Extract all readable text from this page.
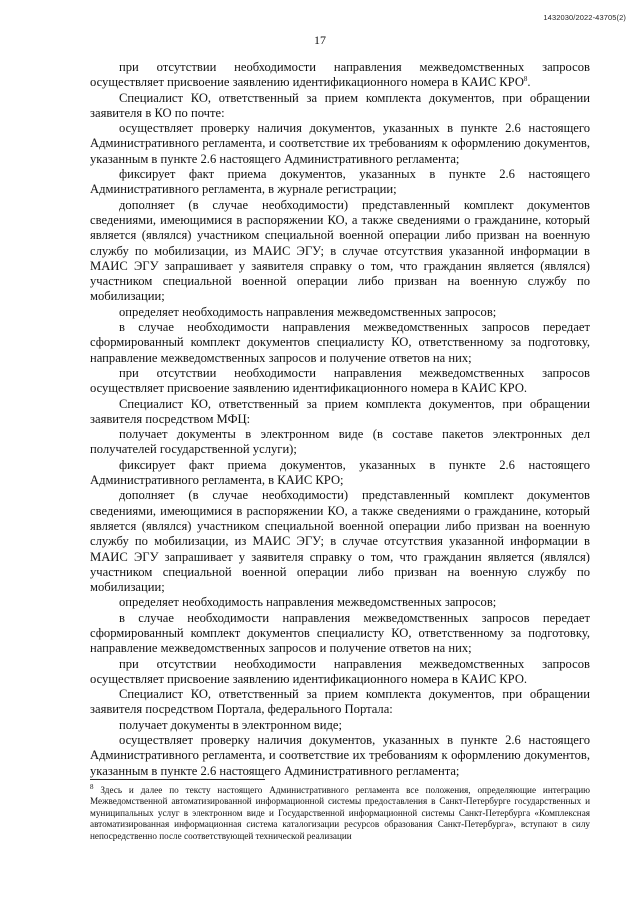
1432030/2022-43705(2)
17

при отсутствии необходимости направления межведомственных запросов осуществляет присвоение заявлению идентификационного номера в КАИС КРО$^8$.

Специалист КО, ответственный за прием комплекта документов, при обращении заявителя в КО по почте:

осуществляет проверку наличия документов, указанных в пункте 2.6 настоящего Административного регламента, и соответствие их требованиям к оформлению документов, указанным в пункте 2.6 настоящего Административного регламента;

фиксирует факт приема документов, указанных в пункте 2.6 настоящего Административного регламента, в журнале регистрации;

дополняет (в случае необходимости) представленный комплект документов сведениями, имеющимися в распоряжении КО, а также сведениями о гражданине, который является (являлся) участником специальной военной операции либо призван на военную службу по мобилизации, из МАИС ЭГУ; в случае отсутствия указанной информации в МАИС ЭГУ запрашивает у заявителя справку о том, что гражданин является (являлся) участником специальной военной операции либо призван на военную службу по мобилизации;

определяет необходимость направления межведомственных запросов;

в случае необходимости направления межведомственных запросов передает сформированный комплект документов специалисту КО, ответственному за подготовку, направление межведомственных запросов и получение ответов на них;

при отсутствии необходимости направления межведомственных запросов осуществляет присвоение заявлению идентификационного номера в КАИС КРО.

Специалист КО, ответственный за прием комплекта документов, при обращении заявителя посредством МФЦ:

получает документы в электронном виде (в составе пакетов электронных дел получателей государственной услуги);

фиксирует факт приема документов, указанных в пункте 2.6 настоящего Административного регламента, в КАИС КРО;

дополняет (в случае необходимости) представленный комплект документов сведениями, имеющимися в распоряжении КО, а также сведениями о гражданине, который является (являлся) участником специальной военной операции либо призван на военную службу по мобилизации, из МАИС ЭГУ; в случае отсутствия указанной информации в МАИС ЭГУ запрашивает у заявителя справку о том, что гражданин является (являлся) участником специальной военной операции либо призван на военную службу по мобилизации;

определяет необходимость направления межведомственных запросов;

в случае необходимости направления межведомственных запросов передает сформированный комплект документов специалисту КО, ответственному за подготовку, направление межведомственных запросов и получение ответов на них;

при отсутствии необходимости направления межведомственных запросов осуществляет присвоение заявлению идентификационного номера в КАИС КРО.

Специалист КО, ответственный за прием комплекта документов, при обращении заявителя посредством Портала, федерального Портала:

получает документы в электронном виде;

осуществляет проверку наличия документов, указанных в пункте 2.6 настоящего Административного регламента, и соответствие их требованиям к оформлению документов, указанным в пункте 2.6 настоящего Административного регламента;

$^8$ Здесь и далее по тексту настоящего Административного регламента все положения, определяющие интеграцию Межведомственной автоматизированной информационной системы предоставления в Санкт-Петербурге государственных и муниципальных услуг в электронном виде и Государственной информационной системы Санкт-Петербурга «Комплексная автоматизированная информационная система каталогизации ресурсов образования Санкт-Петербурга», вступают в силу непосредственно после соответствующей технической реализации
